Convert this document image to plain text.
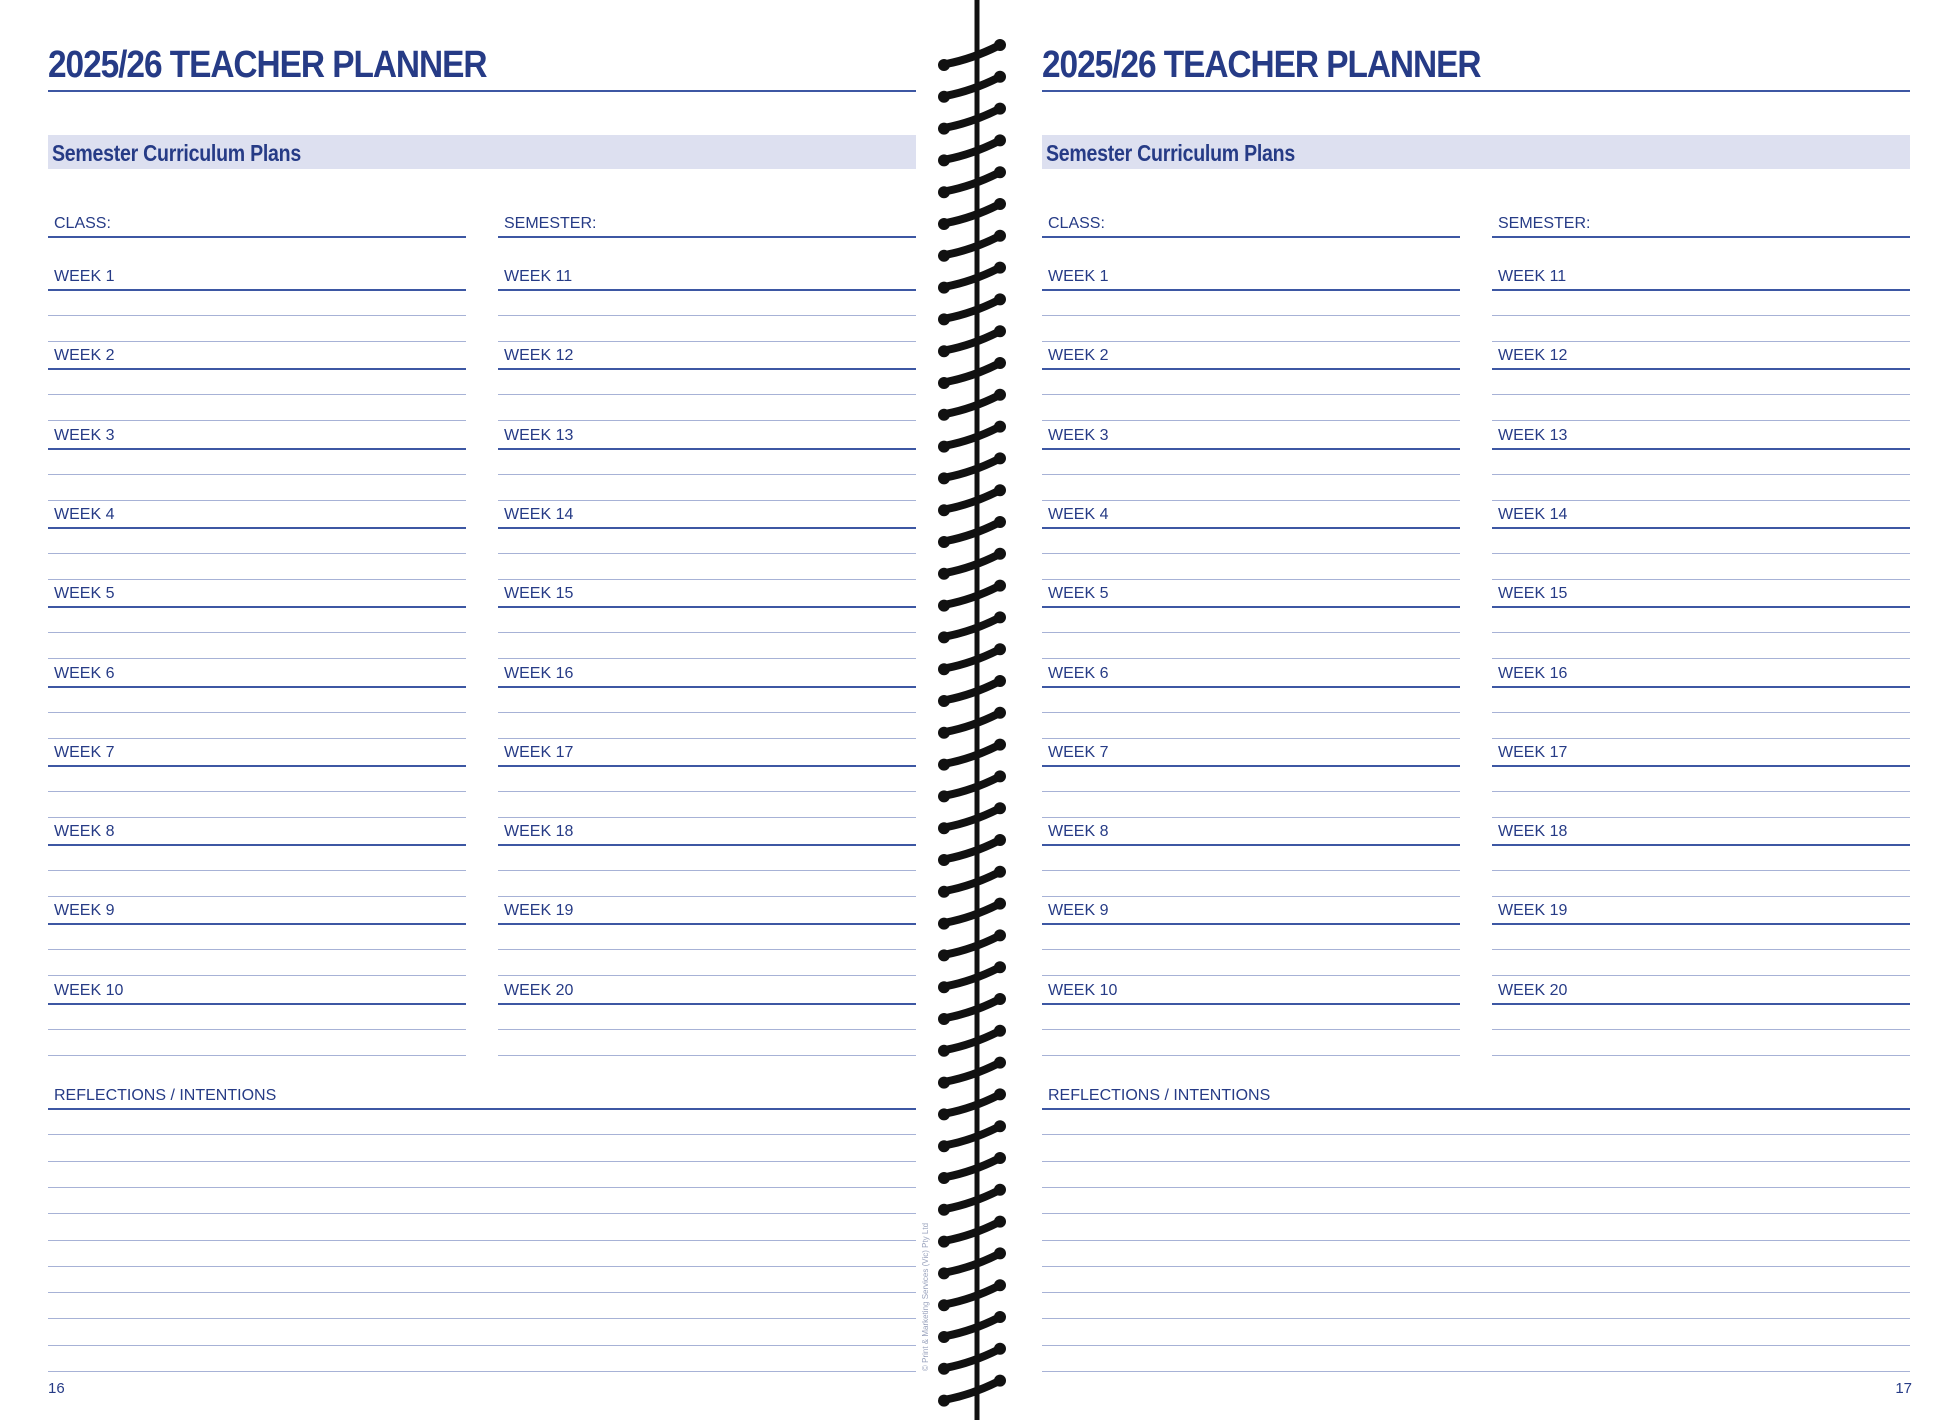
2025/26 TEACHER PLANNER
Semester Curriculum Plans
CLASS:
WEEK 1
WEEK 2
WEEK 3
WEEK 4
WEEK 5
WEEK 6
WEEK 7
WEEK 8
WEEK 9
WEEK 10
SEMESTER:
WEEK 11
WEEK 12
WEEK 13
WEEK 14
WEEK 15
WEEK 16
WEEK 17
WEEK 18
WEEK 19
WEEK 20
REFLECTIONS / INTENTIONS
16
2025/26 TEACHER PLANNER
Semester Curriculum Plans
CLASS:
WEEK 1
WEEK 2
WEEK 3
WEEK 4
WEEK 5
WEEK 6
WEEK 7
WEEK 8
WEEK 9
WEEK 10
SEMESTER:
WEEK 11
WEEK 12
WEEK 13
WEEK 14
WEEK 15
WEEK 16
WEEK 17
WEEK 18
WEEK 19
WEEK 20
REFLECTIONS / INTENTIONS
17
© Print & Marketing Services (Vic) Pty Ltd
